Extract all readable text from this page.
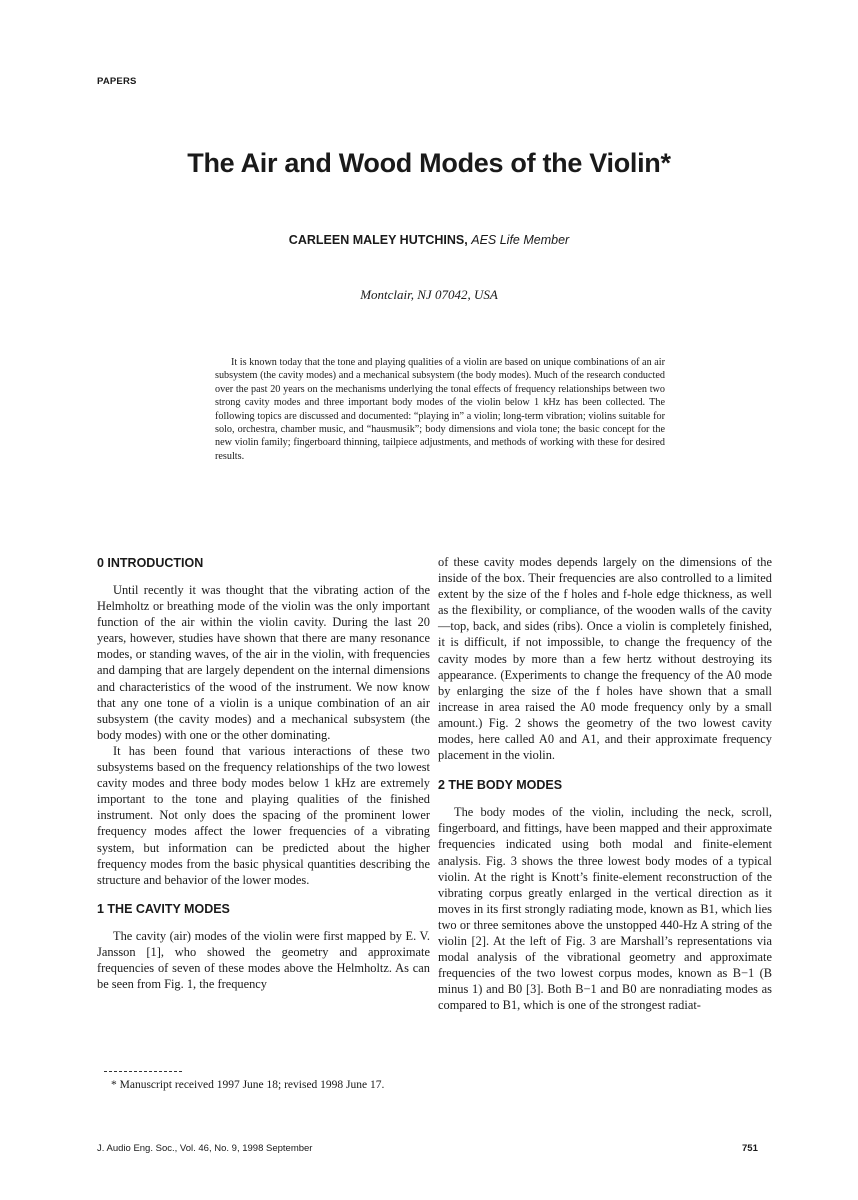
PAPERS
The Air and Wood Modes of the Violin*
CARLEEN MALEY HUTCHINS, AES Life Member
Montclair, NJ 07042, USA

It is known today that the tone and playing qualities of a violin are based on unique combinations of an air subsystem (the cavity modes) and a mechanical subsystem (the body modes). Much of the research conducted over the past 20 years on the mechanisms underlying the tonal effects of frequency relationships between two strong cavity modes and three important body modes of the violin below 1 kHz has been collected. The following topics are discussed and documented: “playing in” a violin; long-term vibration; violins suitable for solo, orchestra, chamber music, and “hausmusik”; body dimensions and viola tone; the basic concept for the new violin family; fingerboard thinning, tailpiece adjustments, and methods of working with these for desired results.

0 INTRODUCTION

Until recently it was thought that the vibrating action of the Helmholtz or breathing mode of the violin was the only important function of the air within the violin cavity. During the last 20 years, however, studies have shown that there are many resonance modes, or standing waves, of the air in the violin, with frequencies and damping that are largely dependent on the internal dimensions and characteristics of the wood of the instrument. We now know that any one tone of a violin is a unique combination of an air subsystem (the cavity modes) and a mechanical subsystem (the body modes) with one or the other dominating.

It has been found that various interactions of these two subsystems based on the frequency relationships of the two lowest cavity modes and three body modes below 1 kHz are extremely important to the tone and playing qualities of the finished instrument. Not only does the spacing of the prominent lower frequency modes affect the lower frequencies of a vibrating system, but information can be predicted about the higher frequency modes from the basic physical quantities describing the structure and behavior of the lower modes.

1 THE CAVITY MODES

The cavity (air) modes of the violin were first mapped by E. V. Jansson [1], who showed the geometry and approximate frequencies of seven of these modes above the Helmholtz. As can be seen from Fig. 1, the frequency

of these cavity modes depends largely on the dimensions of the inside of the box. Their frequencies are also controlled to a limited extent by the size of the f holes and f-hole edge thickness, as well as the flexibility, or compliance, of the wooden walls of the cavity—top, back, and sides (ribs). Once a violin is completely finished, it is difficult, if not impossible, to change the frequency of the cavity modes by more than a few hertz without destroying its appearance. (Experiments to change the frequency of the A0 mode by enlarging the size of the f holes have shown that a small increase in area raised the A0 mode frequency only by a small amount.) Fig. 2 shows the geometry of the two lowest cavity modes, here called A0 and A1, and their approximate frequency placement in the violin.

2 THE BODY MODES

The body modes of the violin, including the neck, scroll, fingerboard, and fittings, have been mapped and their approximate frequencies indicated using both modal and finite-element analysis. Fig. 3 shows the three lowest body modes of a typical violin. At the right is Knott’s finite-element reconstruction of the vibrating corpus greatly enlarged in the vertical direction as it moves in its first strongly radiating mode, known as B1, which lies two or three semitones above the unstopped 440-Hz A string of the violin [2]. At the left of Fig. 3 are Marshall’s representations via modal analysis of the vibrational geometry and approximate frequencies of the two lowest corpus modes, known as B−1 (B minus 1) and B0 [3]. Both B−1 and B0 are nonradiating modes as compared to B1, which is one of the strongest radiat-

* Manuscript received 1997 June 18; revised 1998 June 17.
J. Audio Eng. Soc., Vol. 46, No. 9, 1998 September	751
